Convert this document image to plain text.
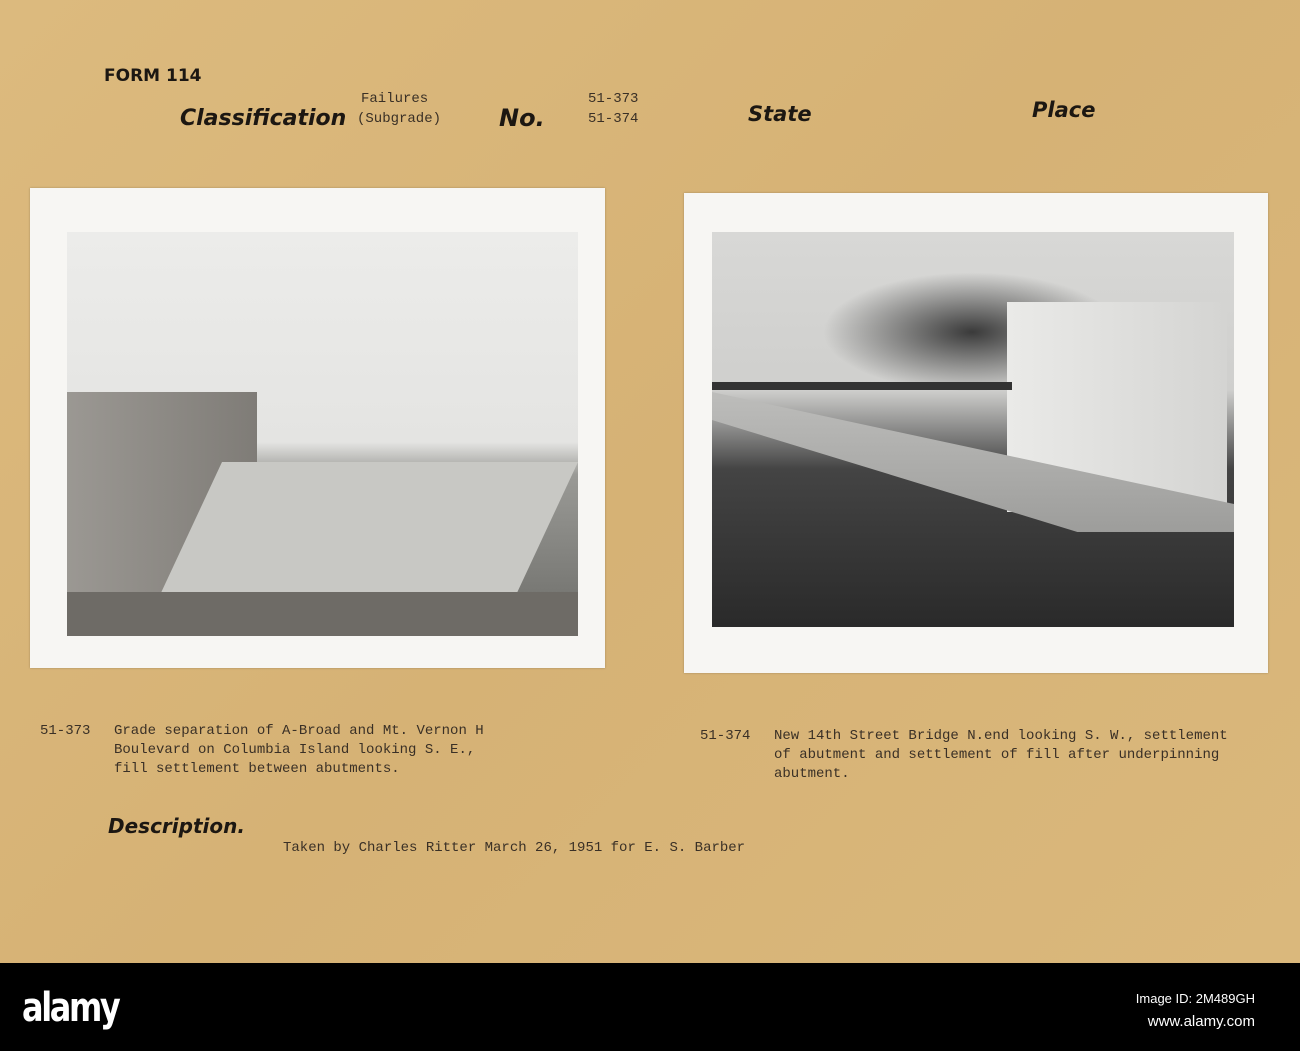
FORM 114
Classification
Failures
(Subgrade) No.
51-373
51-374	State	Place
51-373 Grade separation of A-Broad and Mt. Vernon H
Boulevard on Columbia Island looking S. E.,
fill settlement between abutments.
51-374 New 14th Street Bridge N.end looking S. W., settlement
of abutment and settlement of fill after underpinning
abutment.
Description.
Taken by Charles Ritter March 26, 1951 for E. S. Barber
alamy	Image ID: 2M489GH
www.alamy.com
